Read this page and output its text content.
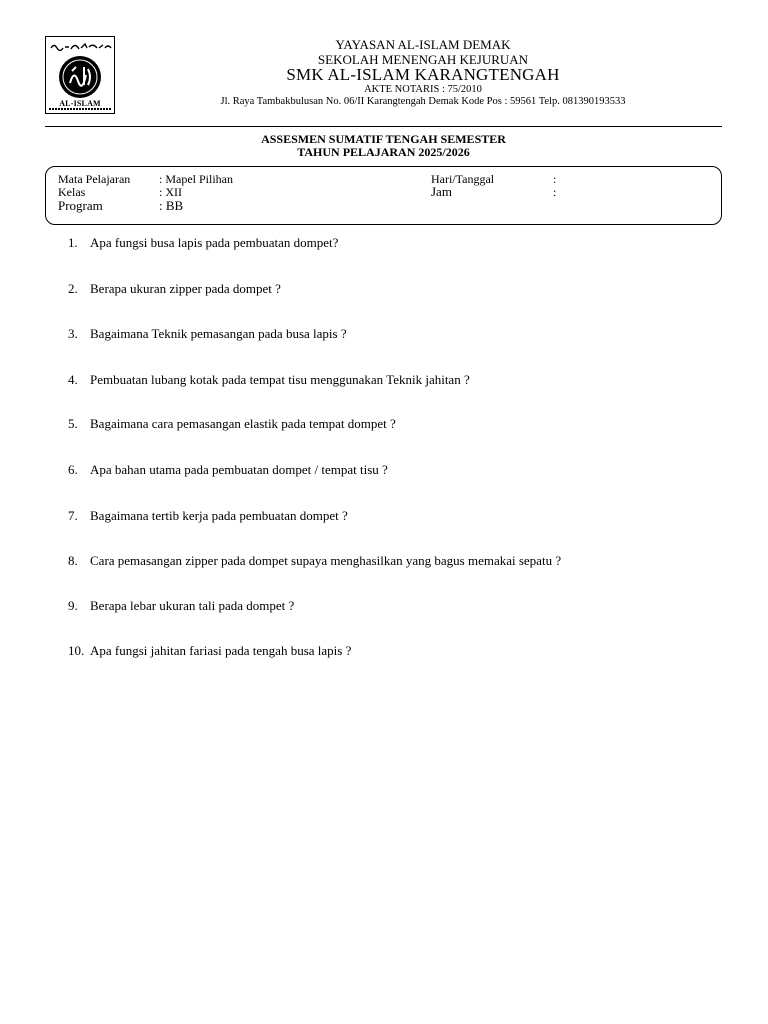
AL-ISLAM
YAYASAN AL-ISLAM DEMAK
SEKOLAH MENENGAH KEJURUAN
SMK AL-ISLAM KARANGTENGAH
AKTE NOTARIS : 75/2010
Jl. Raya Tambakbulusan No. 06/II Karangtengah Demak Kode Pos : 59561 Telp. 081390193533
ASSESMEN SUMATIF TENGAH SEMESTER
TAHUN PELAJARAN 2025/2026
Mata Pelajaran : Mapel Pilihan
Kelas	: XII
Program	: BB
Hari/Tanggal	:
Jam	:
1. Apa fungsi busa lapis pada pembuatan dompet?
2. Berapa ukuran zipper pada dompet ?
3. Bagaimana Teknik pemasangan pada busa lapis ?
4. Pembuatan lubang kotak pada tempat tisu menggunakan Teknik jahitan ?
5. Bagaimana cara pemasangan elastik pada tempat dompet ?
6. Apa bahan utama pada pembuatan dompet / tempat tisu ?
7. Bagaimana tertib kerja pada pembuatan dompet ?
8. Cara pemasangan zipper pada dompet supaya menghasilkan yang bagus memakai sepatu ?
9. Berapa lebar ukuran tali pada dompet ?
10. Apa fungsi jahitan fariasi pada tengah busa lapis ?
